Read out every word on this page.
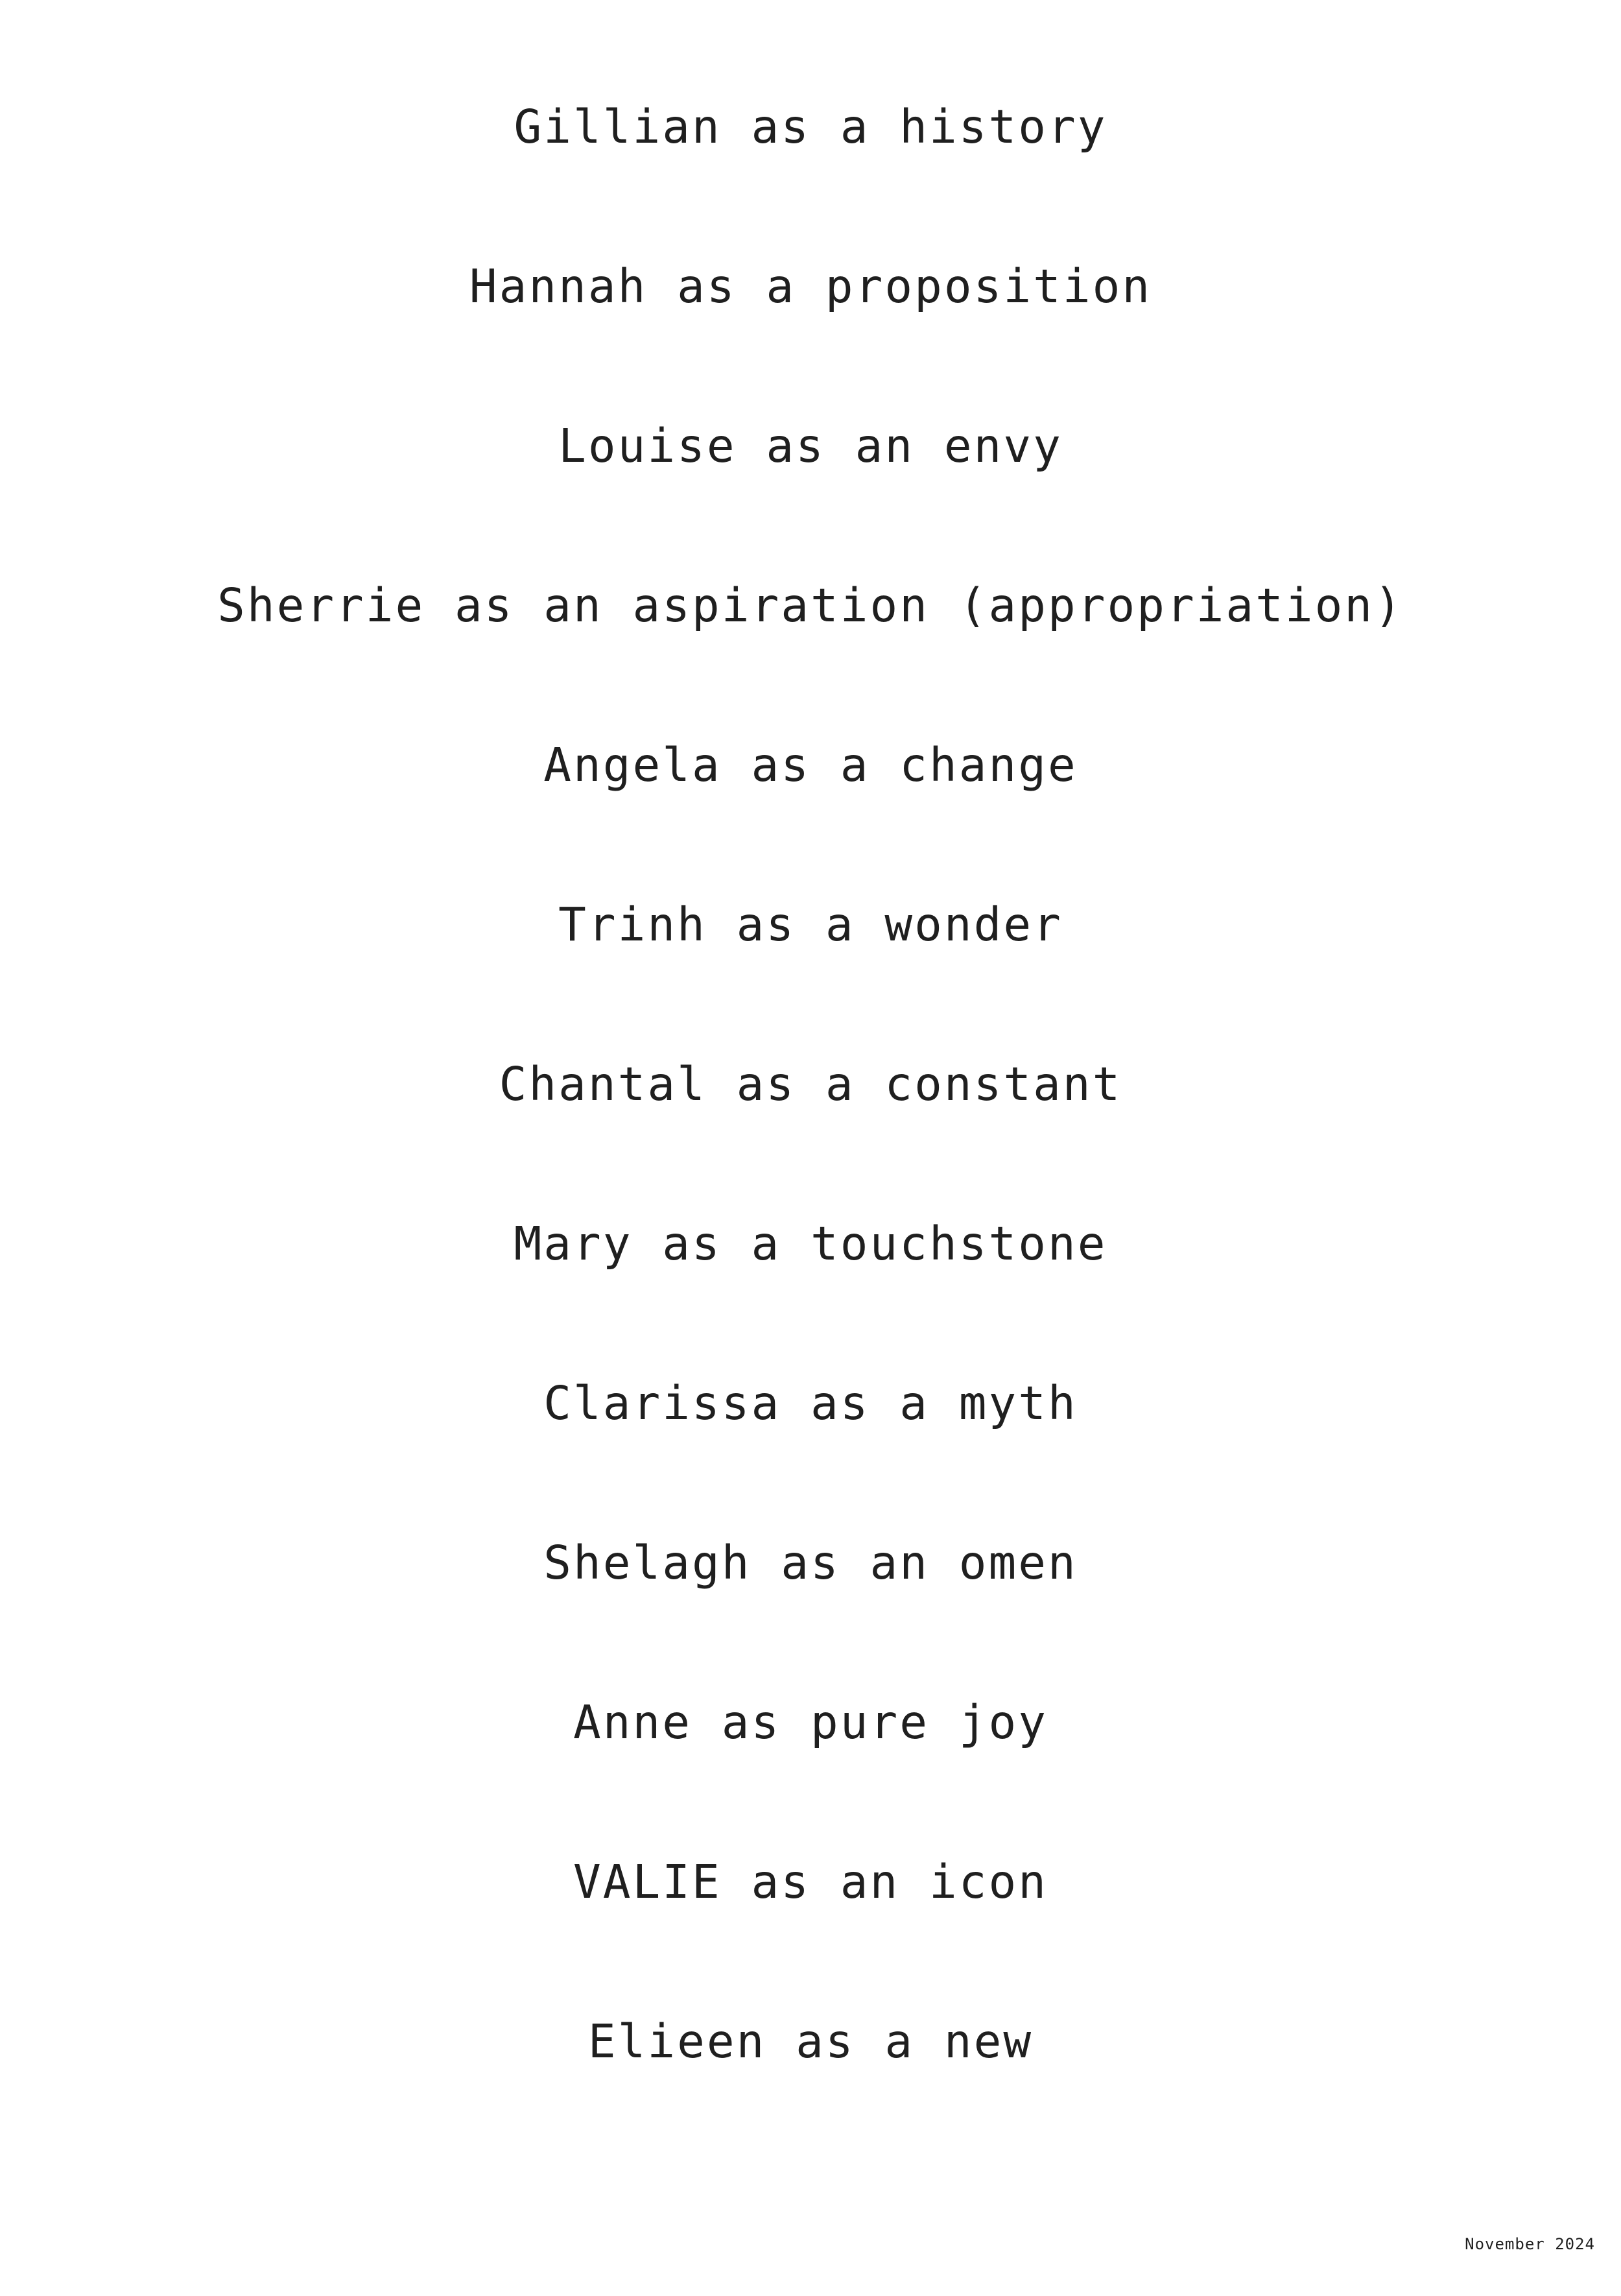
Gillian as a history
Hannah as a proposition
Louise as an envy
Sherrie as an aspiration (appropriation)
Angela as a change
Trinh as a wonder
Chantal as a constant
Mary as a touchstone
Clarissa as a myth
Shelagh as an omen
Anne as pure joy
VALIE as an icon
Elieen as a new
November 2024
